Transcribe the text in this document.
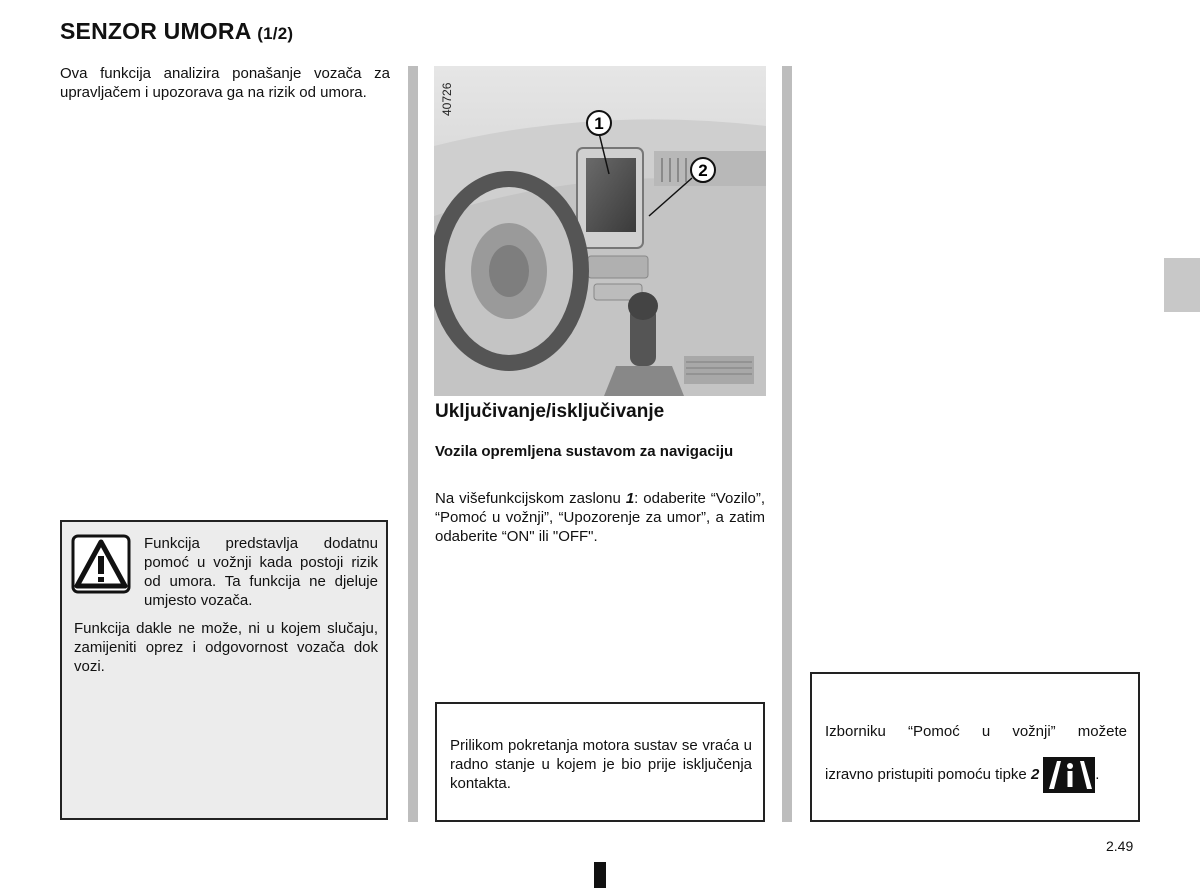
SENZOR UMORA (1/2)
Ova funkcija analizira ponašanje vozača za upravljačem i upozorava ga na rizik od umora.
Funkcija predstavlja dodatnu pomoć u vožnji kada postoji rizik od umora. Ta funkcija ne djeluje umjesto vozača.
Funkcija dakle ne može, ni u kojem slučaju, zamijeniti oprez i odgovornost vozača dok vozi.
1
2
40726
Uključivanje/isključivanje
Vozila opremljena sustavom za navigaciju
Na višefunkcijskom zaslonu 1: odaberite “Vozilo”, “Pomoć u vožnji”, “Upozorenje za umor”, a zatim odaberite “ON" ili "OFF".
Prilikom pokretanja motora sustav se vraća u radno stanje u kojem je bio prije isključenja kontakta.
Izborniku “Pomoć u vožnji” možete
izravno pristupiti pomoću tipke 2	.
2.49
